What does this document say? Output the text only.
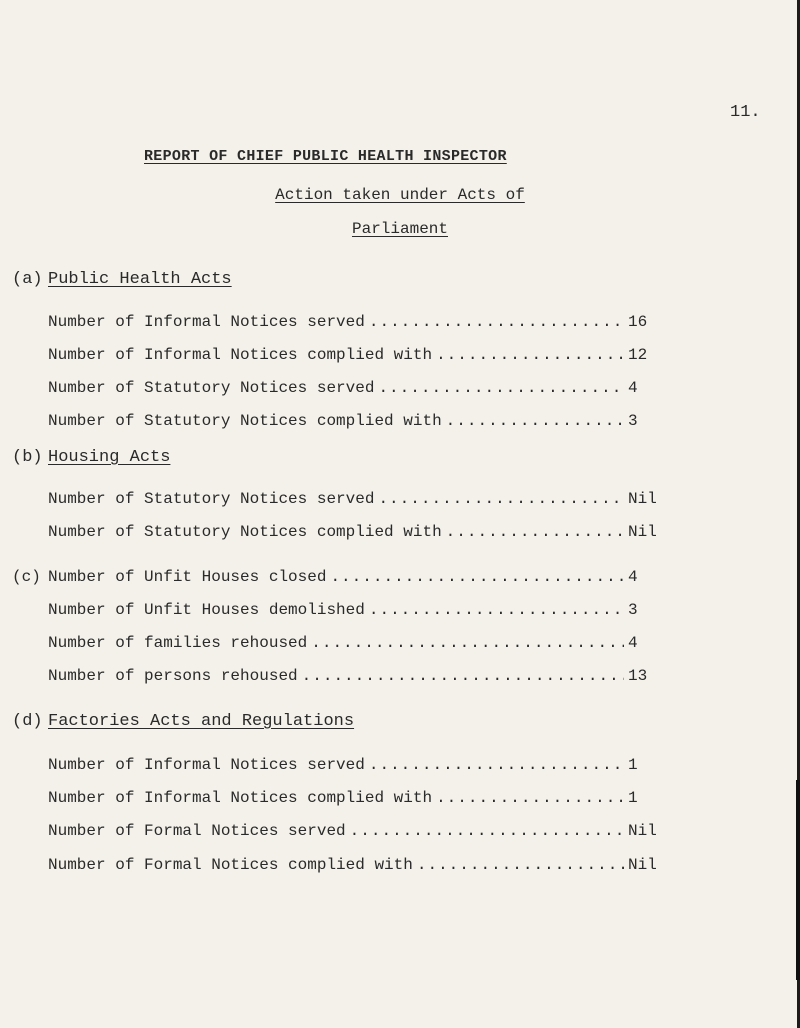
11.
REPORT OF CHIEF PUBLIC HEALTH INSPECTOR
Action taken under Acts of
Parliament
(a) Public Health Acts
Number of Informal Notices served .....	16
Number of Informal Notices complied with .....	12
Number of Statutory Notices served .....	4
Number of Statutory Notices complied with .....	3
(b) Housing Acts
Number of Statutory Notices served .....	Nil
Number of Statutory Notices complied with .....	Nil
(c) Number of Unfit Houses closed .....	4
Number of Unfit Houses demolished .....	3
Number of families rehoused .....	4
Number of persons rehoused .....	13
(d) Factories Acts and Regulations
Number of Informal Notices served .....	1
Number of Informal Notices complied with .....	1
Number of Formal Notices served .....	Nil
Number of Formal Notices complied with .....	Nil
